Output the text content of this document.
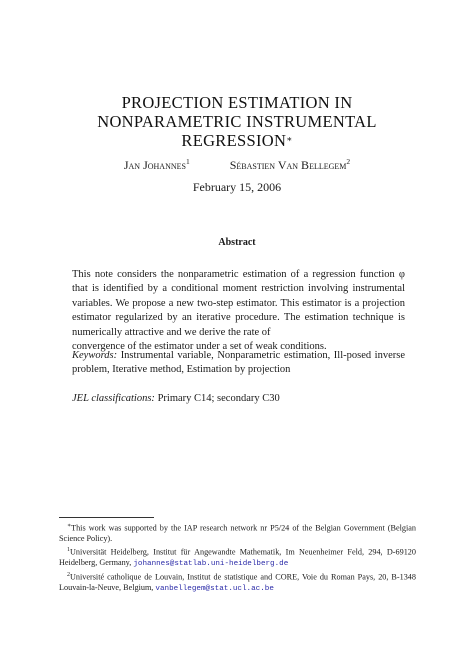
PROJECTION ESTIMATION IN
NONPARAMETRIC INSTRUMENTAL
REGRESSION∗
Jan Johannes$^1$	Sébastien Van Bellegem$^2$
February 15, 2006
Abstract

This note considers the nonparametric estimation of a regression function φ that is identified by a conditional moment restriction involving instrumental variables. We propose a new two-step estimator. This estimator is a projection estimator regularized by an iterative procedure. The estimation technique is numerically attractive and we derive the rate of
convergence of the estimator under a set of weak conditions.

Keywords: Instrumental variable, Nonparametric estimation, Ill-posed inverse problem, Iterative method, Estimation by projection

JEL classifications: Primary C14; secondary C30

∗This work was supported by the IAP research network nr P5/24 of the Belgian Government (Belgian Science Policy).

$^1$Universität Heidelberg, Institut für Angewandte Mathematik, Im Neuenheimer Feld, 294, D-69120 Heidelberg, Germany, johannes@statlab.uni-heidelberg.de

$^2$Université catholique de Louvain, Institut de statistique and CORE, Voie du Roman Pays, 20, B-1348 Louvain-la-Neuve, Belgium, vanbellegem@stat.ucl.ac.be
